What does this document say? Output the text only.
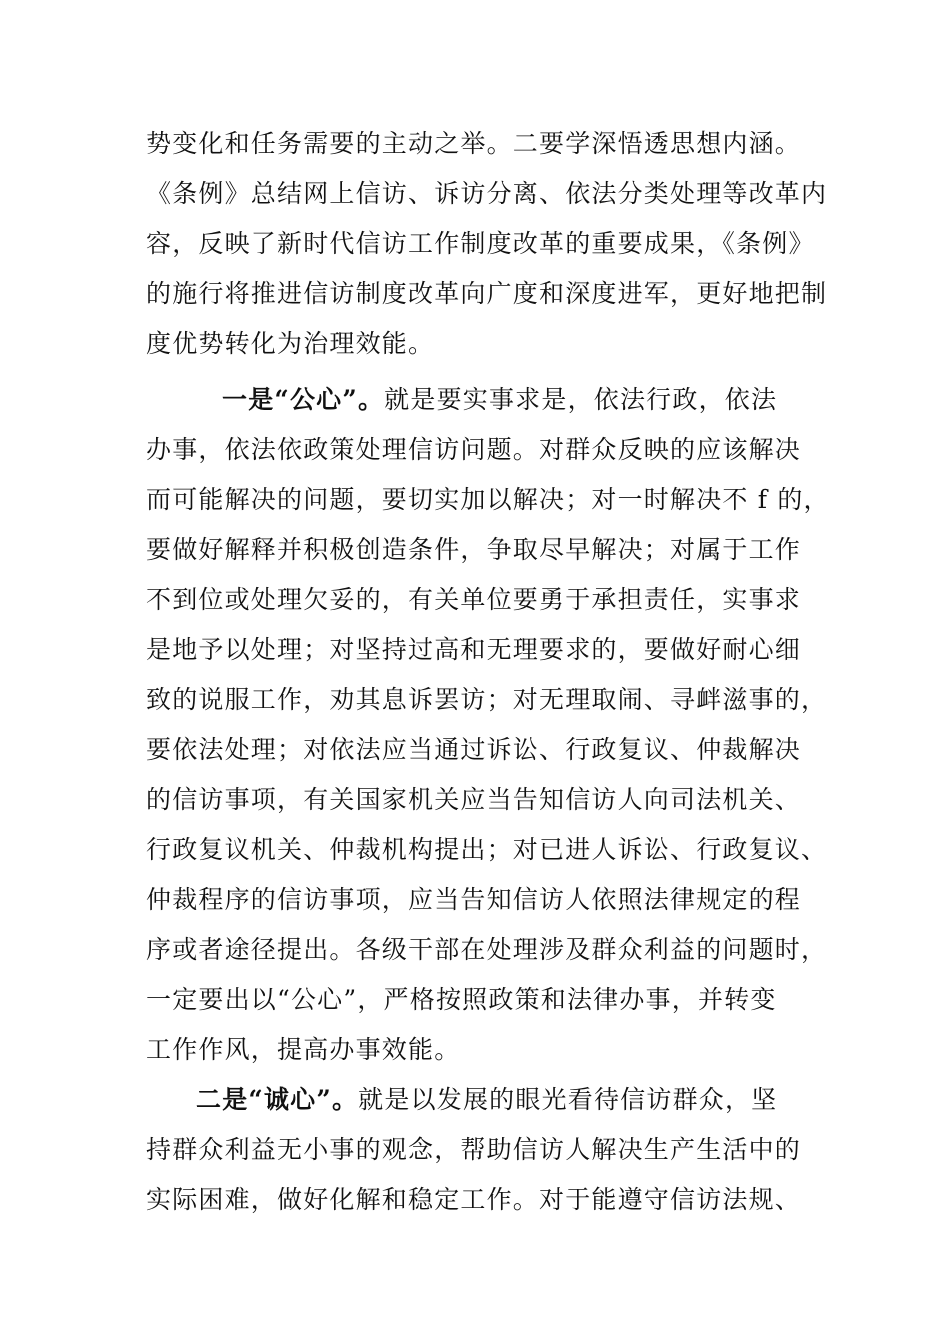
势变化和任务需要的主动之举。二要学深悟透思想内涵。
《条例》总结网上信访、诉访分离、依法分类处理等改革内
容，反映了新时代信访工作制度改革的重要成果，《条例》
的施行将推进信访制度改革向广度和深度进军，更好地把制
度优势转化为治理效能。
一是“公心”。就是要实事求是，依法行政，依法
办事，依法依政策处理信访问题。对群众反映的应该解决
而可能解决的问题，要切实加以解决；对一时解决不 f 的，
要做好解释并积极创造条件，争取尽早解决；对属于工作
不到位或处理欠妥的，有关单位要勇于承担责任，实事求
是地予以处理；对坚持过高和无理要求的，要做好耐心细
致的说服工作，劝其息诉罢访；对无理取闹、寻衅滋事的，
要依法处理；对依法应当通过诉讼、行政复议、仲裁解决
的信访事项，有关国家机关应当告知信访人向司法机关、
行政复议机关、仲裁机构提出；对已进人诉讼、行政复议、
仲裁程序的信访事项，应当告知信访人依照法律规定的程
序或者途径提出。各级干部在处理涉及群众利益的问题时，
一定要出以“公心”，严格按照政策和法律办事，并转变
工作作风，提高办事效能。
二是“诚心”。就是以发展的眼光看待信访群众，坚
持群众利益无小事的观念，帮助信访人解决生产生活中的
实际困难，做好化解和稳定工作。对于能遵守信访法规、
